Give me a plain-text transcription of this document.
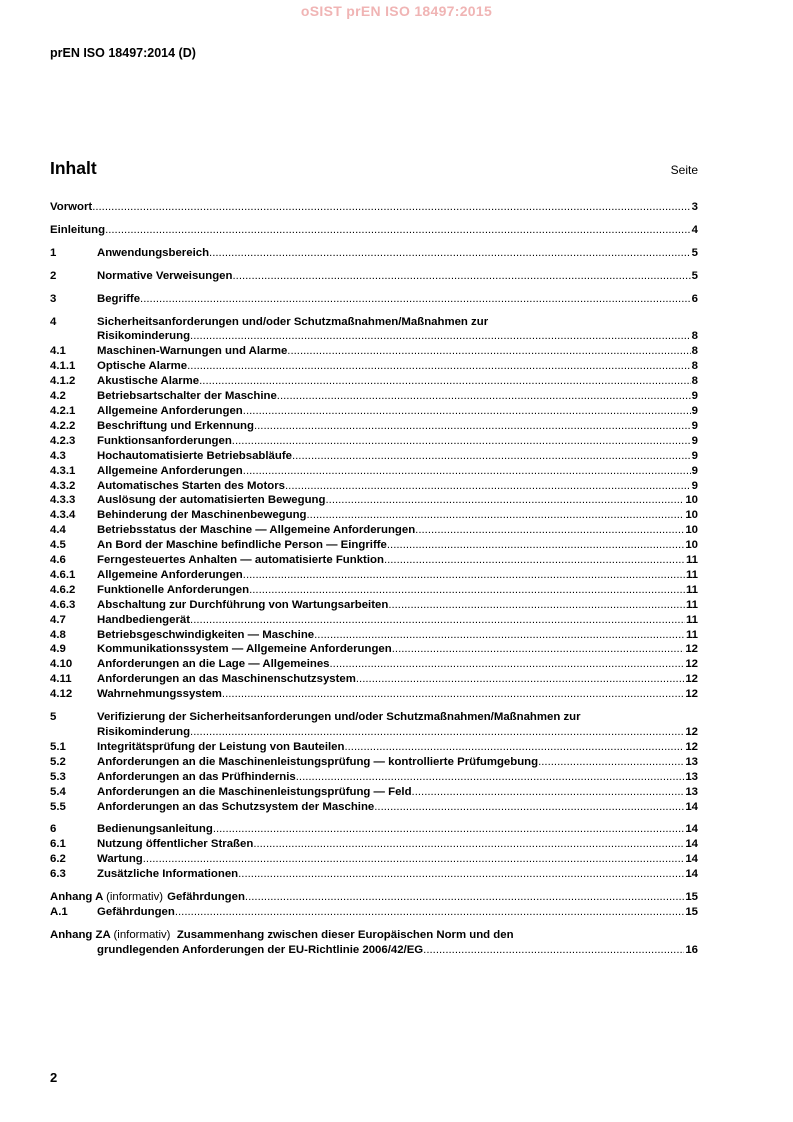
oSIST prEN ISO 18497:2015
prEN ISO 18497:2014 (D)
Inhalt	Seite
Vorwort .....	3
Einleitung .....	4
1	Anwendungsbereich .....	5
2	Normative Verweisungen .....	5
3	Begriffe .....	6
4	Sicherheitsanforderungen und/oder Schutzmaßnahmen/Maßnahmen zur
Risikominderung .....	8
4.1	Maschinen-Warnungen und Alarme .....	8
4.1.1	Optische Alarme .....	8
4.1.2	Akustische Alarme .....	8
4.2	Betriebsartschalter der Maschine .....	9
4.2.1	Allgemeine Anforderungen .....	9
4.2.2	Beschriftung und Erkennung .....	9
4.2.3	Funktionsanforderungen .....	9
4.3	Hochautomatisierte Betriebsabläufe .....	9
4.3.1	Allgemeine Anforderungen .....	9
4.3.2	Automatisches Starten des Motors .....	9
4.3.3	Auslösung der automatisierten Bewegung .....	10
4.3.4	Behinderung der Maschinenbewegung .....	10
4.4	Betriebsstatus der Maschine — Allgemeine Anforderungen .....	10
4.5	An Bord der Maschine befindliche Person — Eingriffe .....	10
4.6	Ferngesteuertes Anhalten — automatisierte Funktion .....	11
4.6.1	Allgemeine Anforderungen .....	11
4.6.2	Funktionelle Anforderungen .....	11
4.6.3	Abschaltung zur Durchführung von Wartungsarbeiten .....	11
4.7	Handbediengerät .....	11
4.8	Betriebsgeschwindigkeiten — Maschine .....	11
4.9	Kommunikationssystem — Allgemeine Anforderungen .....	12
4.10	Anforderungen an die Lage — Allgemeines .....	12
4.11	Anforderungen an das Maschinenschutzsystem .....	12
4.12	Wahrnehmungssystem .....	12
5	Verifizierung der Sicherheitsanforderungen und/oder Schutzmaßnahmen/Maßnahmen zur
Risikominderung .....	12
5.1	Integritätsprüfung der Leistung von Bauteilen .....	12
5.2	Anforderungen an die Maschinenleistungsprüfung — kontrollierte Prüfumgebung .....	13
5.3	Anforderungen an das Prüfhindernis .....	13
5.4	Anforderungen an die Maschinenleistungsprüfung — Feld .....	13
5.5	Anforderungen an das Schutzsystem der Maschine .....	14
6	Bedienungsanleitung .....	14
6.1	Nutzung öffentlicher Straßen .....	14
6.2	Wartung .....	14
6.3	Zusätzliche Informationen .....	14
Anhang A (informativ) Gefährdungen .....	15
A.1	Gefährdungen .....	15
Anhang ZA (informativ) Zusammenhang zwischen dieser Europäischen Norm und den
grundlegenden Anforderungen der EU-Richtlinie 2006/42/EG .....	16
2
